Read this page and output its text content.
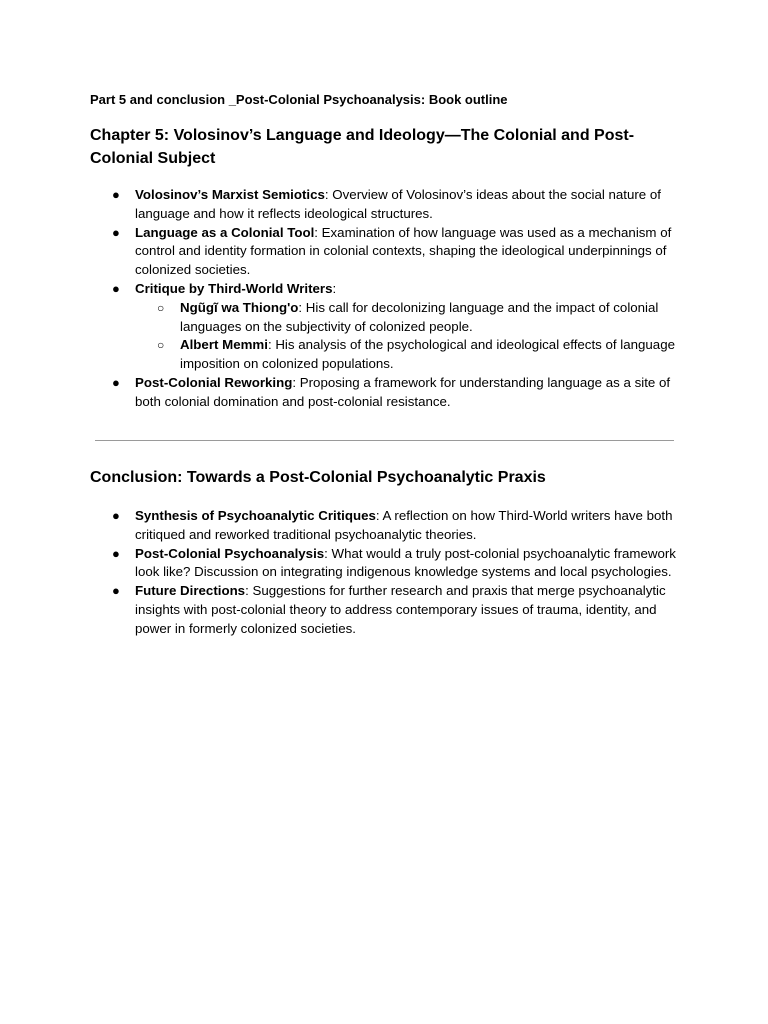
Part 5 and conclusion _Post-Colonial Psychoanalysis: Book outline

Chapter 5: Volosinov’s Language and Ideology—The Colonial and Post-Colonial Subject
● Volosinov’s Marxist Semiotics: Overview of Volosinov’s ideas about the social nature of language and how it reflects ideological structures.
● Language as a Colonial Tool: Examination of how language was used as a mechanism of control and identity formation in colonial contexts, shaping the ideological underpinnings of colonized societies.
● Critique by Third-World Writers:
○ Ngũgĩ wa Thiong'o: His call for decolonizing language and the impact of colonial languages on the subjectivity of colonized people.
○ Albert Memmi: His analysis of the psychological and ideological effects of language imposition on colonized populations.
● Post-Colonial Reworking: Proposing a framework for understanding language as a site of both colonial domination and post-colonial resistance.
Conclusion: Towards a Post-Colonial Psychoanalytic Praxis
● Synthesis of Psychoanalytic Critiques: A reflection on how Third-World writers have both critiqued and reworked traditional psychoanalytic theories.
● Post-Colonial Psychoanalysis: What would a truly post-colonial psychoanalytic framework look like? Discussion on integrating indigenous knowledge systems and local psychologies.
● Future Directions: Suggestions for further research and praxis that merge psychoanalytic insights with post-colonial theory to address contemporary issues of trauma, identity, and power in formerly colonized societies.
